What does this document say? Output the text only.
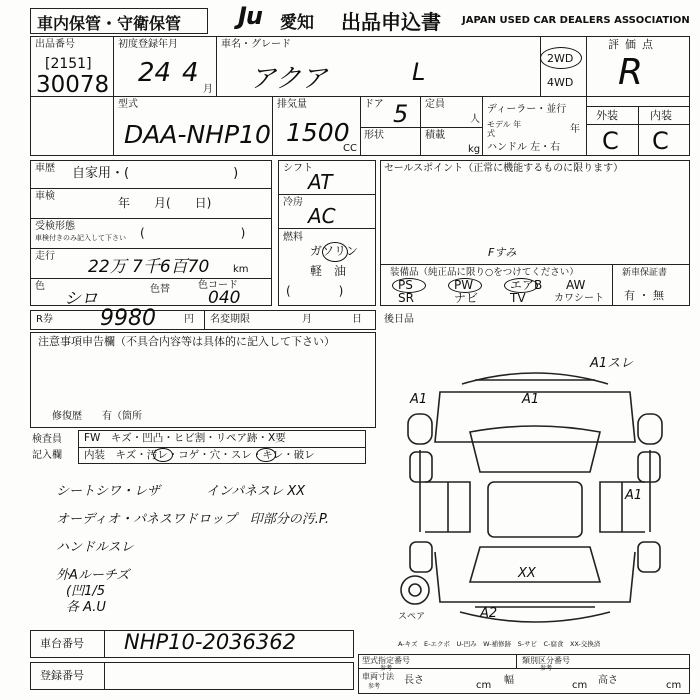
車内保管・守衛保管 Ju 愛知 出品申込書 JAPAN USED CAR DEALERS ASSOCIATION
出品番号
[2151]
30078
初度登録年月
24 4
月
車名・グレード
アクア	L	2WD
4WD
評価点
R
外装	内装
C C
型式
DAA-NHP10
排気量
1500
CC
ドア 5
形状
定員
人
積載
kg
ディーラー・並行
モデル 年式	年
ハンドル 左・右
車歴 自家用・(　　　　　　　　)
車検	年　　月(　　日)
受検形態
車検付きのみ記入して下さい (　　　　　　　　)
走行
22万 7千6百70 km
色
シロ	色替	色コード
040
シフト
AT
冷房
AC
燃料
ガソリン
軽　油
(　　　　)
セールスポイント（正常に機能するものに限ります）
Fすみ
装備品（純正品に限り○をつけてください）
PS	PW	エアB AW
SR	ナビ	TV	カワシート
新車保証書
有 ・ 無
R券 9980	円 名変期限	月	日 後日品
注意事項申告欄（不具合内容等は具体的に記入して下さい）
修復歴　　有（箇所
検査員
記入欄
FW　キズ・凹凸・ヒビ割・リペア跡・X要
内装　キズ・汚レ・コゲ・穴・スレ・キレ・破レ
シートシワ・レザ	インパネスレ XX
オーディオ・パネスワドロップ　印部分の汚.P.
ハンドルスレ
外Aルーチズ
(凹1/5
各 A.U
A1スレ
A1
A1
A1
XX
A2
スペア
A-キズ　E-エクボ　U-凹み　W-補修跡　S-サビ　C-腐食　XX-交換済
車台番号 NHP10-2036362
登録番号
型式指定番号
参考
類別区分番号
参考
車両寸法
参考
長さ	cm 幅	cm 高さ	cm
